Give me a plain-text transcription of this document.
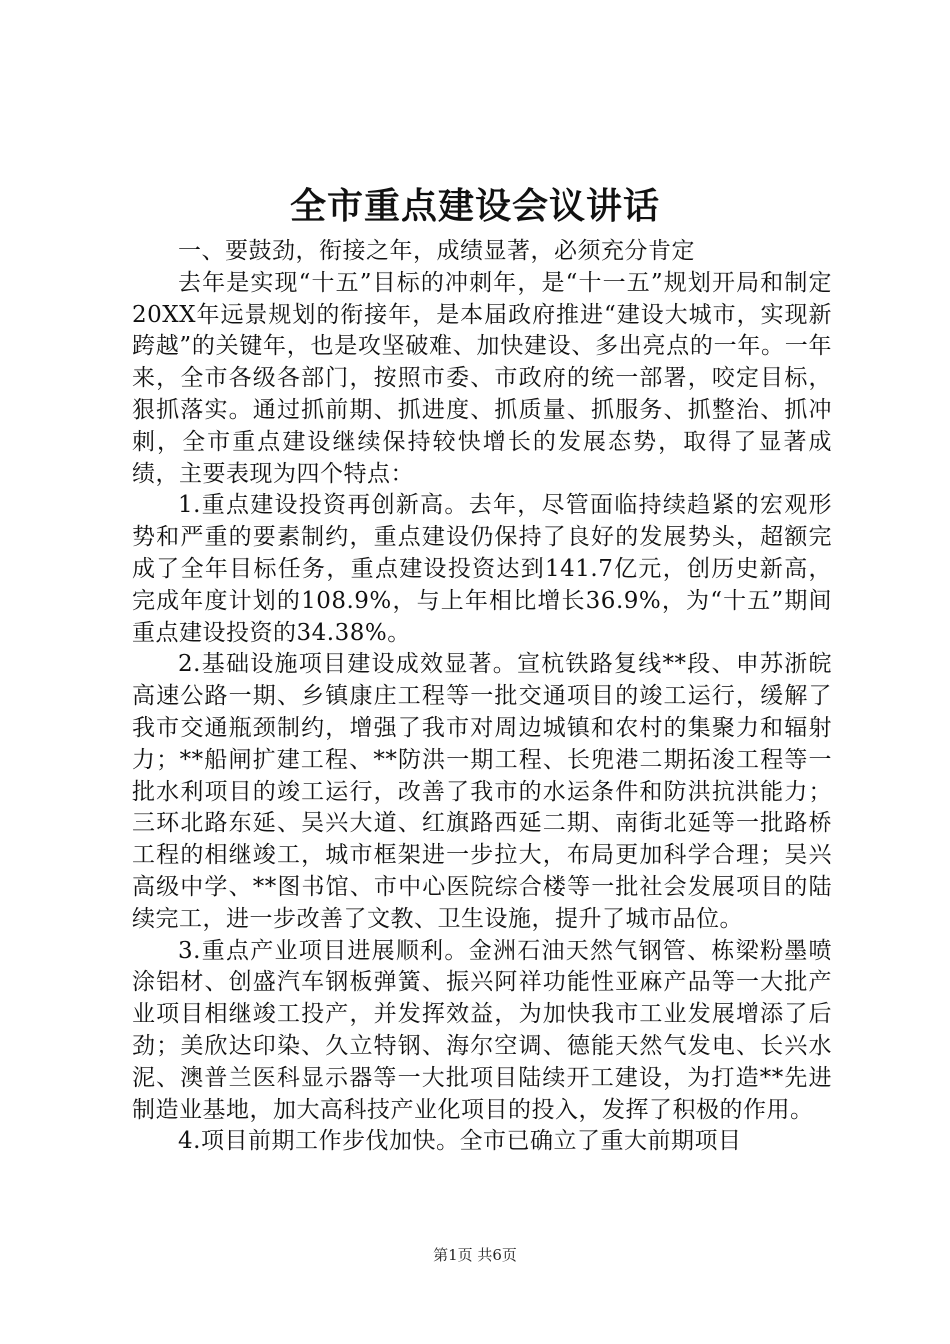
全市重点建设会议讲话

一、要鼓劲，衔接之年，成绩显著，必须充分肯定

去年是实现“十五”目标的冲刺年，是“十一五”规划开局和制定20XX年远景规划的衔接年，是本届政府推进“建设大城市，实现新跨越”的关键年，也是攻坚破难、加快建设、多出亮点的一年。一年来，全市各级各部门，按照市委、市政府的统一部署，咬定目标，狠抓落实。通过抓前期、抓进度、抓质量、抓服务、抓整治、抓冲刺，全市重点建设继续保持较快增长的发展态势，取得了显著成绩，主要表现为四个特点：

1.重点建设投资再创新高。去年，尽管面临持续趋紧的宏观形势和严重的要素制约，重点建设仍保持了良好的发展势头，超额完成了全年目标任务，重点建设投资达到141.7亿元，创历史新高，完成年度计划的108.9%，与上年相比增长36.9%，为“十五”期间重点建设投资的34.38%。

2.基础设施项目建设成效显著。宣杭铁路复线**段、申苏浙皖高速公路一期、乡镇康庄工程等一批交通项目的竣工运行，缓解了我市交通瓶颈制约，增强了我市对周边城镇和农村的集聚力和辐射力；**船闸扩建工程、**防洪一期工程、长兜港二期拓浚工程等一批水利项目的竣工运行，改善了我市的水运条件和防洪抗洪能力；三环北路东延、吴兴大道、红旗路西延二期、南街北延等一批路桥工程的相继竣工，城市框架进一步拉大，布局更加科学合理；吴兴高级中学、**图书馆、市中心医院综合楼等一批社会发展项目的陆续完工，进一步改善了文教、卫生设施，提升了城市品位。

3.重点产业项目进展顺利。金洲石油天然气钢管、栋梁粉墨喷涂铝材、创盛汽车钢板弹簧、振兴阿祥功能性亚麻产品等一大批产业项目相继竣工投产，并发挥效益，为加快我市工业发展增添了后劲；美欣达印染、久立特钢、海尔空调、德能天然气发电、长兴水泥、澳普兰医科显示器等一大批项目陆续开工建设，为打造**先进制造业基地，加大高科技产业化项目的投入，发挥了积极的作用。

4.项目前期工作步伐加快。全市已确立了重大前期项目

第1页 共6页
